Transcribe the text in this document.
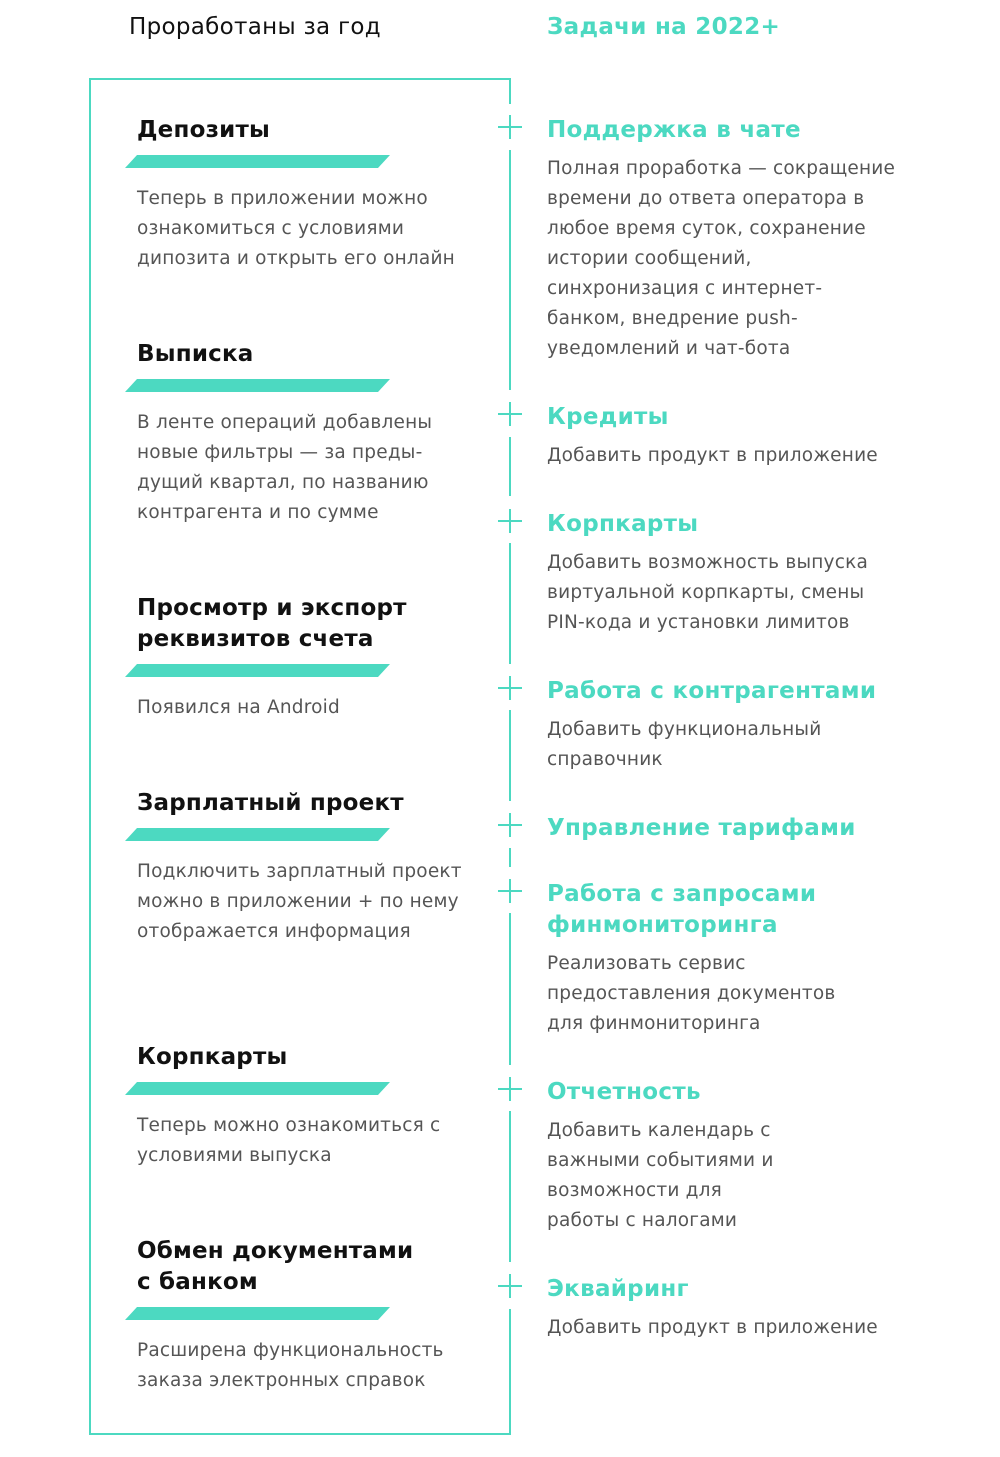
Проработаны за год	Задачи на 2022+
Депозиты
Теперь в приложении можно ознакомиться с условиями дипозита и открыть его онлайн
Выписка
В ленте операций добавлены новые фильтры — за преды-дущий квартал, по названию контрагента и по сумме
Просмотр и экспорт реквизитов счета
Появился на Android
Зарплатный проект
Подключить зарплатный проект можно в приложении + по нему отображается информация
Корпкарты
Теперь можно ознакомиться с условиями выпуска
Обмен документами с банком
Расширена функциональность заказа электронных справок
Поддержка в чате
Полная проработка — сокращение времени до ответа оператора в любое время суток, сохранение истории сообщений, синхронизация с интернет-банком, внедрение push-уведомлений и чат-бота
Кредиты
Добавить продукт в приложение
Корпкарты
Добавить возможность выпуска виртуальной корпкарты, смены PIN-кода и установки лимитов
Работа с контрагентами
Добавить функциональный справочник
Управление тарифами
Работа с запросами финмониторинга
Реализовать сервис предоставления документов для финмониторинга
Отчетность
Добавить календарь с важными событиями и возможности для работы с налогами
Эквайринг
Добавить продукт в приложение
